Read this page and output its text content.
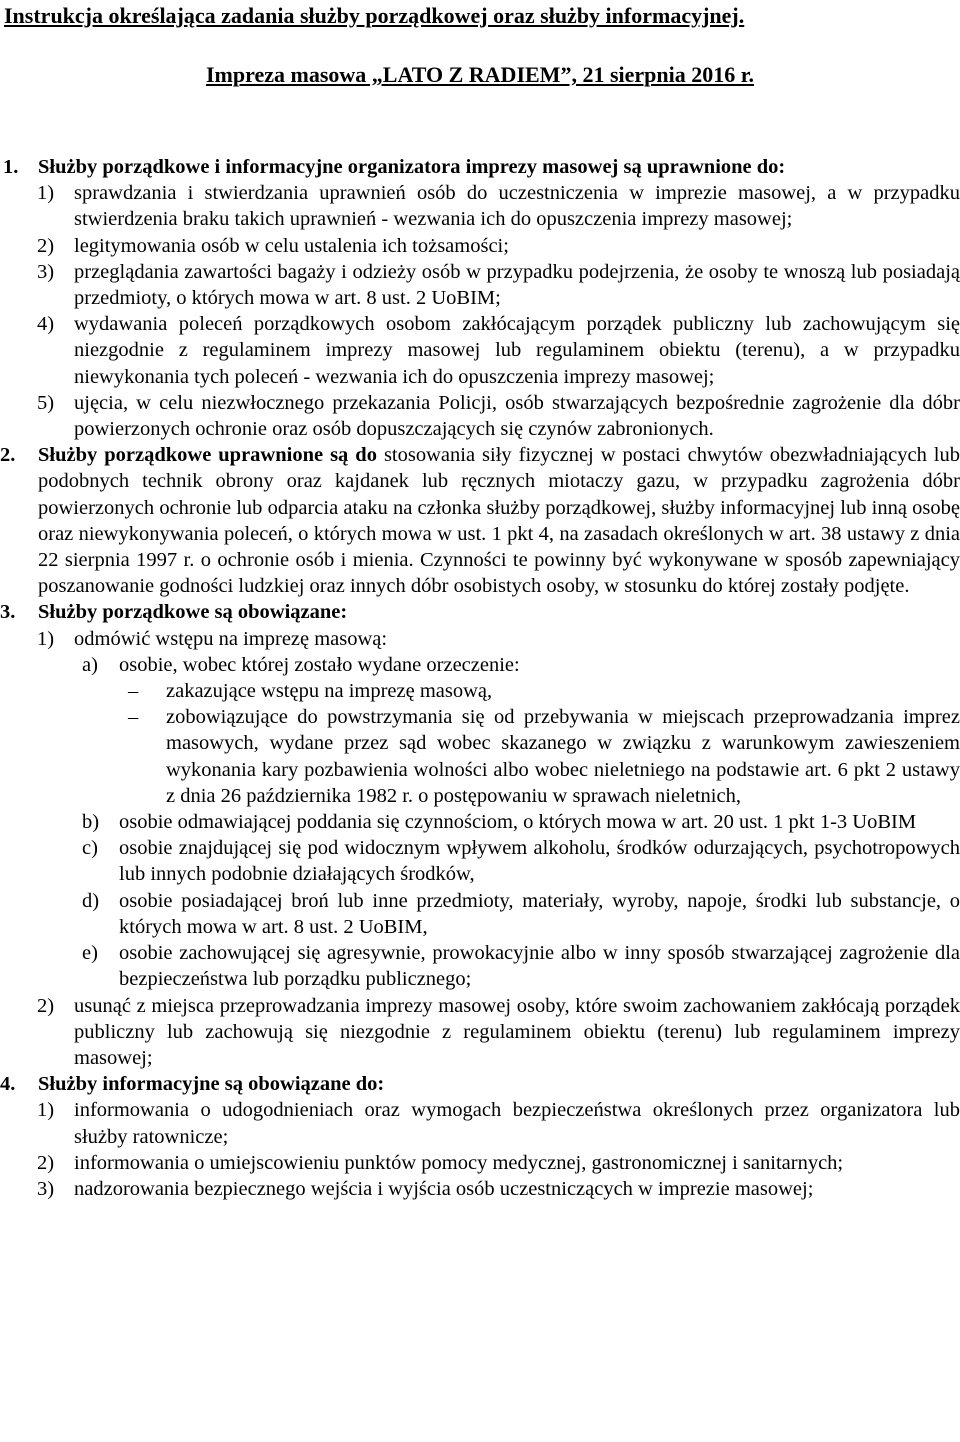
Instrukcja określająca zadania służby porządkowej oraz służby informacyjnej.
Impreza masowa „LATO Z RADIEM”, 21 sierpnia 2016 r.
1. Służby porządkowe i informacyjne organizatora imprezy masowej są uprawnione do:
1) sprawdzania i stwierdzania uprawnień osób do uczestniczenia w imprezie masowej, a w przypadku stwierdzenia braku takich uprawnień - wezwania ich do opuszczenia imprezy masowej;
2) legitymowania osób w celu ustalenia ich tożsamości;
3) przeglądania zawartości bagaży i odzieży osób w przypadku podejrzenia, że osoby te wnoszą lub posiadają przedmioty, o których mowa w art. 8 ust. 2 UoBIM;
4) wydawania poleceń porządkowych osobom zakłócającym porządek publiczny lub zachowującym się niezgodnie z regulaminem imprezy masowej lub regulaminem obiektu (terenu), a w przypadku niewykonania tych poleceń - wezwania ich do opuszczenia imprezy masowej;
5) ujęcia, w celu niezwłocznego przekazania Policji, osób stwarzających bezpośrednie zagrożenie dla dóbr powierzonych ochronie oraz osób dopuszczających się czynów zabronionych.
2. Służby porządkowe uprawnione są do stosowania siły fizycznej w postaci chwytów obezwładniających lub podobnych technik obrony oraz kajdanek lub ręcznych miotaczy gazu, w przypadku zagrożenia dóbr powierzonych ochronie lub odparcia ataku na członka służby porządkowej, służby informacyjnej lub inną osobę oraz niewykonywania poleceń, o których mowa w ust. 1 pkt 4, na zasadach określonych w art. 38 ustawy z dnia 22 sierpnia 1997 r. o ochronie osób i mienia. Czynności te powinny być wykonywane w sposób zapewniający poszanowanie godności ludzkiej oraz innych dóbr osobistych osoby, w stosunku do której zostały podjęte.
3. Służby porządkowe są obowiązane:
1) odmówić wstępu na imprezę masową:
a) osobie, wobec której zostało wydane orzeczenie:
– zakazujące wstępu na imprezę masową,
– zobowiązujące do powstrzymania się od przebywania w miejscach przeprowadzania imprez masowych, wydane przez sąd wobec skazanego w związku z warunkowym zawieszeniem wykonania kary pozbawienia wolności albo wobec nieletniego na podstawie art. 6 pkt 2 ustawy z dnia 26 października 1982 r. o postępowaniu w sprawach nieletnich,
b) osobie odmawiającej poddania się czynnościom, o których mowa w art. 20 ust. 1 pkt 1-3 UoBIM
c) osobie znajdującej się pod widocznym wpływem alkoholu, środków odurzających, psychotropowych lub innych podobnie działających środków,
d) osobie posiadającej broń lub inne przedmioty, materiały, wyroby, napoje, środki lub substancje, o których mowa w art. 8 ust. 2 UoBIM,
e) osobie zachowującej się agresywnie, prowokacyjnie albo w inny sposób stwarzającej zagrożenie dla bezpieczeństwa lub porządku publicznego;
2) usunąć z miejsca przeprowadzania imprezy masowej osoby, które swoim zachowaniem zakłócają porządek publiczny lub zachowują się niezgodnie z regulaminem obiektu (terenu) lub regulaminem imprezy masowej;
4. Służby informacyjne są obowiązane do:
1) informowania o udogodnieniach oraz wymogach bezpieczeństwa określonych przez organizatora lub służby ratownicze;
2) informowania o umiejscowieniu punktów pomocy medycznej, gastronomicznej i sanitarnych;
3) nadzorowania bezpiecznego wejścia i wyjścia osób uczestniczących w imprezie masowej;
